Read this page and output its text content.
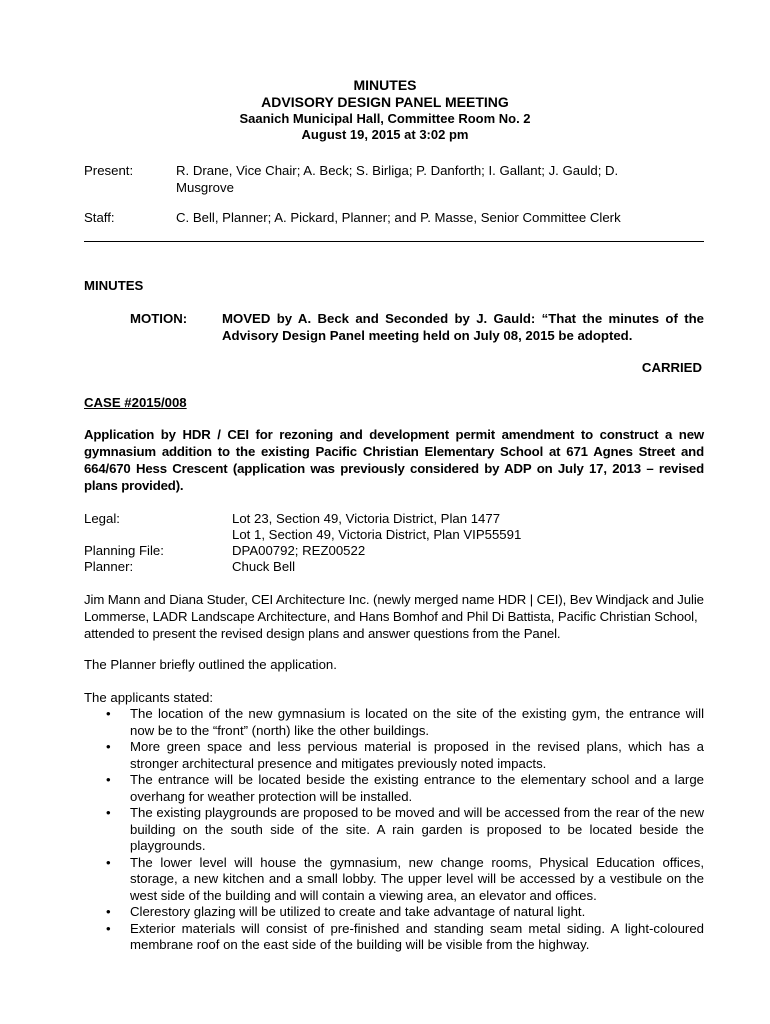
MINUTES
ADVISORY DESIGN PANEL MEETING
Saanich Municipal Hall, Committee Room No. 2
August 19, 2015 at 3:02 pm
Present:	R. Drane, Vice Chair; A. Beck; S. Birliga; P. Danforth; I. Gallant; J. Gauld; D. Musgrove
Staff:	C. Bell, Planner; A. Pickard, Planner; and P. Masse, Senior Committee Clerk
MINUTES
MOTION:	MOVED by A. Beck and Seconded by J. Gauld: “That the minutes of the Advisory Design Panel meeting held on July 08, 2015 be adopted.
CARRIED
CASE #2015/008
Application by HDR / CEI for rezoning and development permit amendment to construct a new gymnasium addition to the existing Pacific Christian Elementary School at 671 Agnes Street and 664/670 Hess Crescent (application was previously considered by ADP on July 17, 2013 – revised plans provided).
Legal:	Lot 23, Section 49, Victoria District, Plan 1477
Lot 1, Section 49, Victoria District, Plan VIP55591
Planning File:	DPA00792; REZ00522
Planner:	Chuck Bell
Jim Mann and Diana Studer, CEI Architecture Inc. (newly merged name HDR | CEI), Bev Windjack and Julie Lommerse, LADR Landscape Architecture, and Hans Bomhof and Phil Di Battista, Pacific Christian School, attended to present the revised design plans and answer questions from the Panel.
The Planner briefly outlined the application.
The applicants stated:
• The location of the new gymnasium is located on the site of the existing gym, the entrance will now be to the “front” (north) like the other buildings.
• More green space and less pervious material is proposed in the revised plans, which has a stronger architectural presence and mitigates previously noted impacts.
• The entrance will be located beside the existing entrance to the elementary school and a large overhang for weather protection will be installed.
• The existing playgrounds are proposed to be moved and will be accessed from the rear of the new building on the south side of the site. A rain garden is proposed to be located beside the playgrounds.
• The lower level will house the gymnasium, new change rooms, Physical Education offices, storage, a new kitchen and a small lobby. The upper level will be accessed by a vestibule on the west side of the building and will contain a viewing area, an elevator and offices.
• Clerestory glazing will be utilized to create and take advantage of natural light.
• Exterior materials will consist of pre-finished and standing seam metal siding. A light-coloured membrane roof on the east side of the building will be visible from the highway.
